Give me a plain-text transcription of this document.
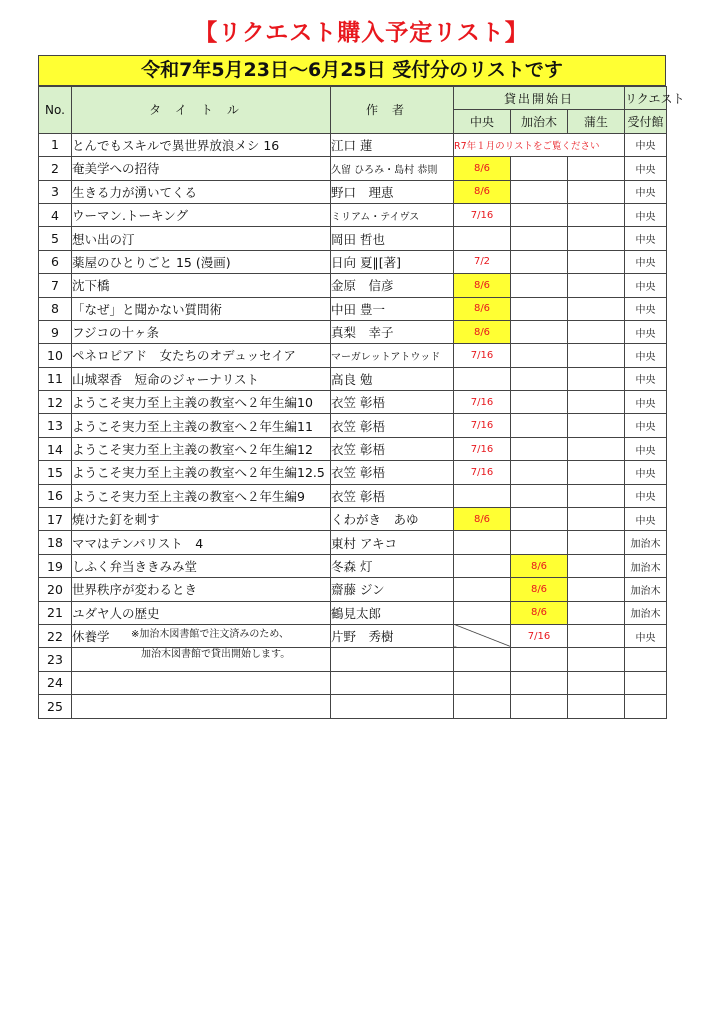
【リクエスト購入予定リスト】
令和7年5月23日～6月25日 受付分のリストです
No.	タイトル	作者	貸出開始日			リクエスト
			中央	加治木	蒲生	受付館
1	とんでもスキルで異世界放浪メシ 16	江口 蓮	R7年１月のリストをご覧ください			中央
2	奄美学への招待	久留 ひろみ・島村 恭則	8/6			中央
3	生きる力が湧いてくる	野口　理恵	8/6			中央
4	ウーマン.トーキング	ミリアム・テイヴス	7/16			中央
5	想い出の汀	岡田 哲也				中央
6	薬屋のひとりごと 15 (漫画)	日向 夏∥[著]	7/2			中央
7	沈下橋	金原　信彦	8/6			中央
8	「なぜ」と聞かない質問術	中田 豊一	8/6			中央
9	フジコの十ヶ条	真梨　幸子	8/6			中央
10	ペネロピアド　女たちのオデュッセイア	マーガレットアトウッド	7/16			中央
11	山城翠香　短命のジャーナリスト	高良 勉				中央
12	ようこそ実力至上主義の教室へ２年生編10	衣笠 彰梧	7/16			中央
13	ようこそ実力至上主義の教室へ２年生編11	衣笠 彰梧	7/16			中央
14	ようこそ実力至上主義の教室へ２年生編12	衣笠 彰梧	7/16			中央
15	ようこそ実力至上主義の教室へ２年生編12.5	衣笠 彰梧	7/16			中央
16	ようこそ実力至上主義の教室へ２年生編9	衣笠 彰梧				中央
17	焼けた釘を刺す	くわがき　あゆ	8/6			中央
18	ママはテンパリスト　4	東村 アキコ				加治木
19	しふく弁当ききみみ堂	冬森 灯		8/6		加治木
20	世界秩序が変わるとき	齋藤 ジン		8/6		加治木
21	ユダヤ人の歴史	鶴見太郎		8/6		加治木
22	休養学	片野　秀樹		7/16		中央
23						
24						
25						
※加治木図書館で注文済みのため、
加治木図書館で貸出開始します。
